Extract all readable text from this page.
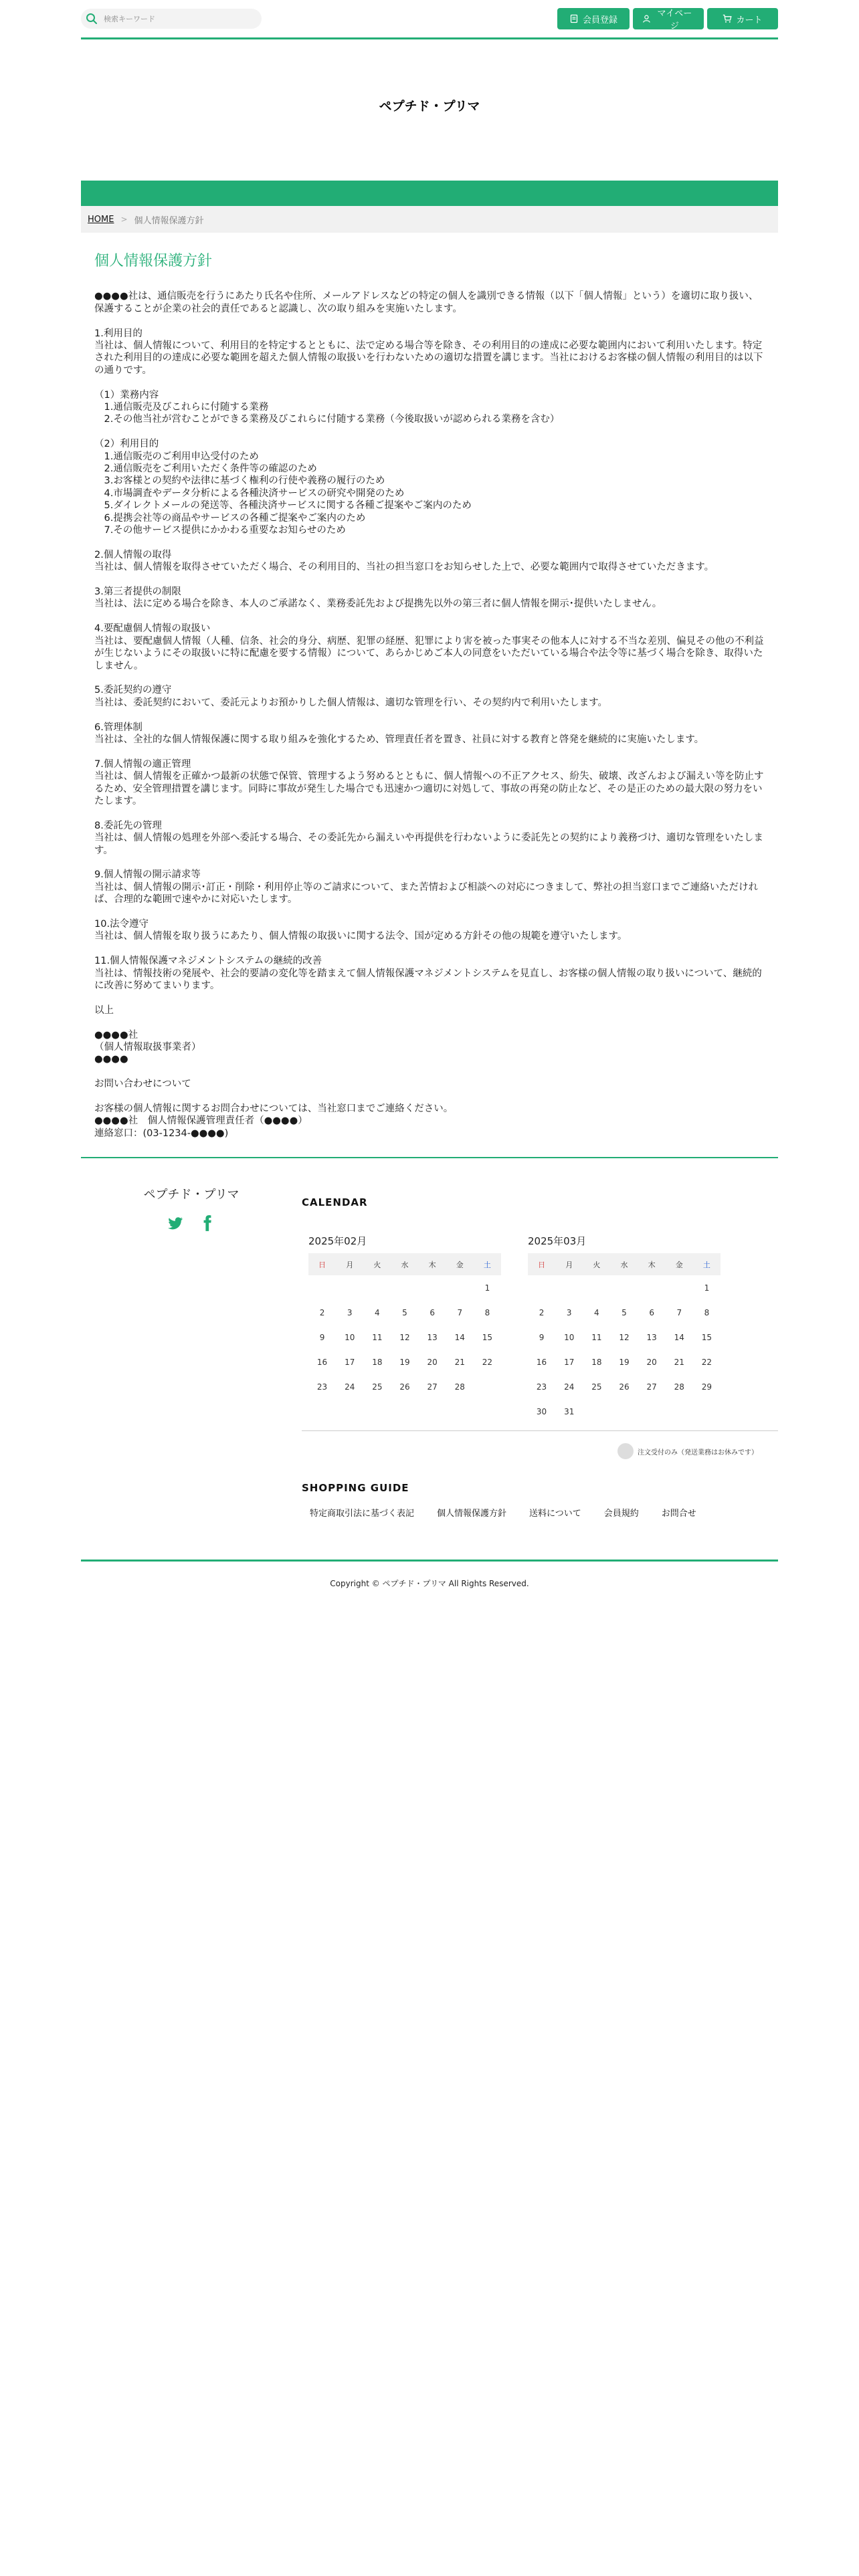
検索キーワード
会員登録
マイページ
カート
ペプチド・プリマ
HOME > 個人情報保護方針
個人情報保護方針

●●●●社は、通信販売を行うにあたり氏名や住所、メールアドレスなどの特定の個人を識別できる情報（以下「個人情報」という）を適切に取り扱い、保護することが企業の社会的責任であると認識し、次の取り組みを実施いたします。

1.利用目的

当社は、個人情報について、利用目的を特定するとともに、法で定める場合等を除き、その利用目的の達成に必要な範囲内において利用いたします。特定された利用目的の達成に必要な範囲を超えた個人情報の取扱いを行わないための適切な措置を講じます。当社におけるお客様の個人情報の利用目的は以下の通りです。

（1）業務内容

　1.通信販売及びこれらに付随する業務

　2.その他当社が営むことができる業務及びこれらに付随する業務（今後取扱いが認められる業務を含む）

（2）利用目的

　1.通信販売のご利用申込受付のため

　2.通信販売をご利用いただく条件等の確認のため

　3.お客様との契約や法律に基づく権利の行使や義務の履行のため

　4.市場調査やデータ分析による各種決済サービスの研究や開発のため

　5.ダイレクトメールの発送等、各種決済サービスに関する各種ご提案やご案内のため

　6.提携会社等の商品やサービスの各種ご提案やご案内のため

　7.その他サービス提供にかかわる重要なお知らせのため

2.個人情報の取得

当社は、個人情報を取得させていただく場合、その利用目的、当社の担当窓口をお知らせした上で、必要な範囲内で取得させていただきます。

3.第三者提供の制限

当社は、法に定める場合を除き、本人のご承諾なく、業務委託先および提携先以外の第三者に個人情報を開示･提供いたしません。

4.要配慮個人情報の取扱い

当社は、要配慮個人情報（人種、信条、社会的身分、病歴、犯罪の経歴、犯罪により害を被った事実その他本人に対する不当な差別、偏見その他の不利益が生じないようにその取扱いに特に配慮を要する情報）について、あらかじめご本人の同意をいただいている場合や法令等に基づく場合を除き、取得いたしません。

5.委託契約の遵守

当社は、委託契約において、委託元よりお預かりした個人情報は、適切な管理を行い、その契約内で利用いたします。

6.管理体制

当社は、全社的な個人情報保護に関する取り組みを強化するため、管理責任者を置き、社員に対する教育と啓発を継続的に実施いたします。

7.個人情報の適正管理

当社は、個人情報を正確かつ最新の状態で保管、管理するよう努めるとともに、個人情報への不正アクセス、紛失、破壊、改ざんおよび漏えい等を防止するため、安全管理措置を講じます。同時に事故が発生した場合でも迅速かつ適切に対処して、事故の再発の防止など、その是正のための最大限の努力をいたします。

8.委託先の管理

当社は、個人情報の処理を外部へ委託する場合、その委託先から漏えいや再提供を行わないように委託先との契約により義務づけ、適切な管理をいたします。

9.個人情報の開示請求等

当社は、個人情報の開示･訂正・削除・利用停止等のご請求について、また苦情および相談への対応につきまして、弊社の担当窓口までご連絡いただければ、合理的な範囲で速やかに対応いたします。

10.法令遵守

当社は、個人情報を取り扱うにあたり、個人情報の取扱いに関する法令、国が定める方針その他の規範を遵守いたします。

11.個人情報保護マネジメントシステムの継続的改善

当社は、情報技術の発展や、社会的要請の変化等を踏まえて個人情報保護マネジメントシステムを見直し、お客様の個人情報の取り扱いについて、継続的に改善に努めてまいります。

以上

●●●●社

（個人情報取扱事業者）

●●●●

お問い合わせについて

お客様の個人情報に関するお問合わせについては、当社窓口までご連絡ください。

●●●●社　個人情報保護管理責任者（●●●●）

連絡窓口：(03-1234-●●●●)

ペプチド・プリマ
CALENDAR
2025年02月
日	月	火	水	木	金	土
						1
2	3	4	5	6	7	8
9	10	11	12	13	14	15
16	17	18	19	20	21	22
23	24	25	26	27	28	
2025年03月
日	月	火	水	木	金	土
						1
2	3	4	5	6	7	8
9	10	11	12	13	14	15
16	17	18	19	20	21	22
23	24	25	26	27	28	29
30	31					
注文受付のみ（発送業務はお休みです）
SHOPPING GUIDE
特定商取引法に基づく表記	個人情報保護方針	送料について	会員規約	お問合せ
Copyright © ペプチド・プリマ All Rights Reserved.
